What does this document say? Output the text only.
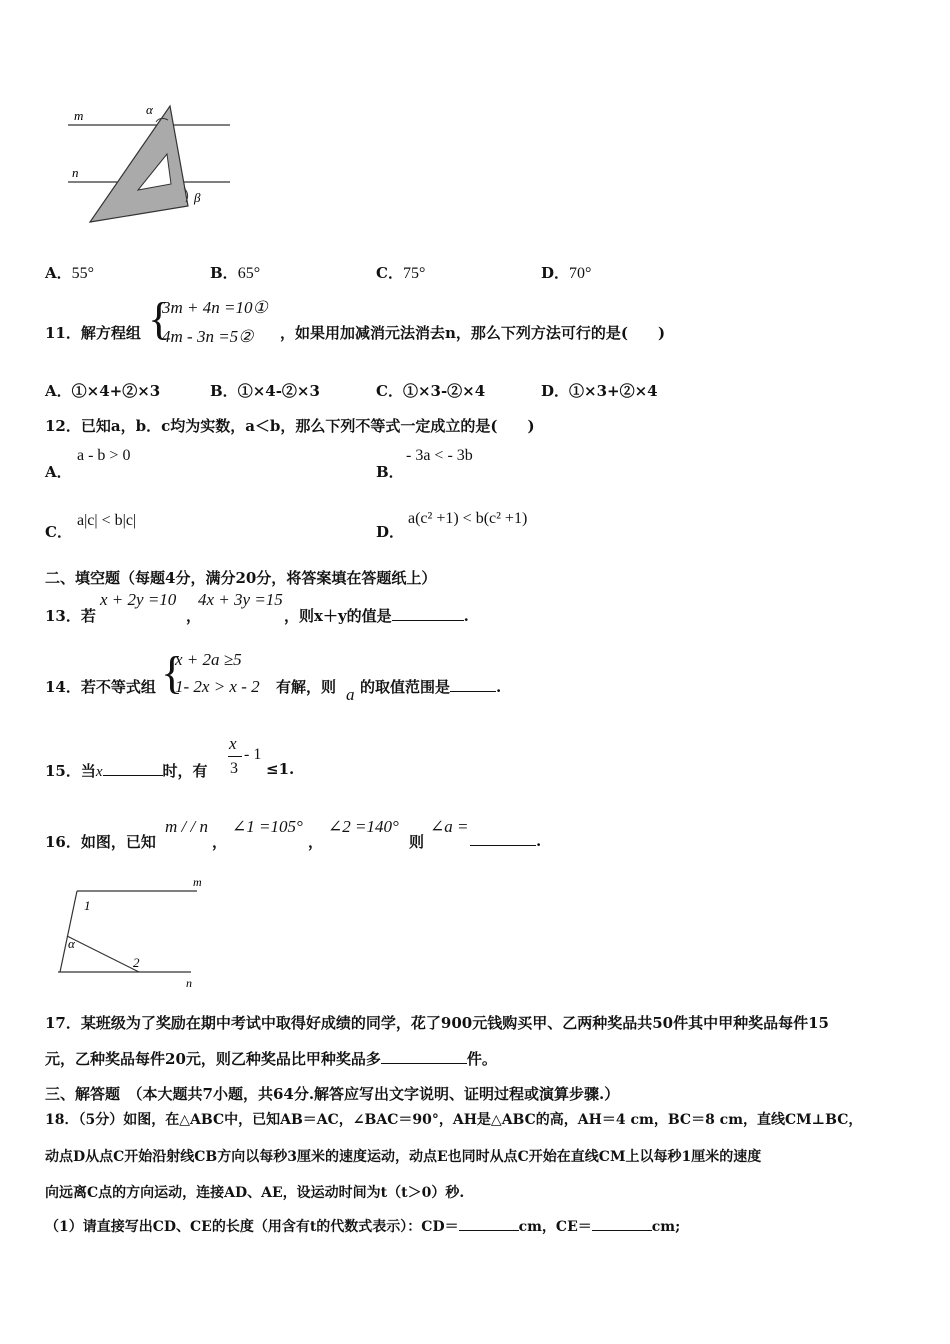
m
n
α
β
A．55°	B．65°	C．75°	D．70°
11．解方程组 {
3m + 4n =10①
4m - 3n =5② ，如果用加减消元法消去n，那么下列方法可行的是(　　)
A．①×4+②×3	B．①×4-②×3	C．①×3-②×4	D．①×3+②×4
12．已知a，b．c均为实数，a＜b，那么下列不等式一定成立的是(　　)
A．
a - b > 0
B．
- 3a < - 3b
C．
a|c| < b|c|
D．
a(c² +1) < b(c² +1)
二、填空题（每题4分，满分20分，将答案填在答题纸上）
13．若
x + 2y =10
，
4x + 3y =15
，则x＋y的值是	.
14．若不等式组 {
x + 2a ≥5
1- 2x > x - 2 有解，则 a 的取值范围是	.
15．当x	时，有
x
3
- 1
≤1.
16．如图，已知
m / / n
，
∠1 =105°
，
∠2 =140°
则
∠a =
.
m
n
1
2
α
17．某班级为了奖励在期中考试中取得好成绩的同学，花了900元钱购买甲、乙两种奖品共50件其中甲种奖品每件15
元，乙种奖品每件20元，则乙种奖品比甲种奖品多	件。
三、解答题　（本大题共7小题，共64分.解答应写出文字说明、证明过程或演算步骤.）
18．（5分）如图，在△ABC中，已知AB＝AC，∠BAC＝90°，AH是△ABC的高，AH＝4 cm，BC＝8 cm，直线CM⊥BC，
动点D从点C开始沿射线CB方向以每秒3厘米的速度运动，动点E也同时从点C开始在直线CM上以每秒1厘米的速度
向远离C点的方向运动，连接AD、AE，设运动时间为t（t＞0）秒.
（1）请直接写出CD、CE的长度（用含有t的代数式表示）：CD＝	cm，CE＝	cm;
